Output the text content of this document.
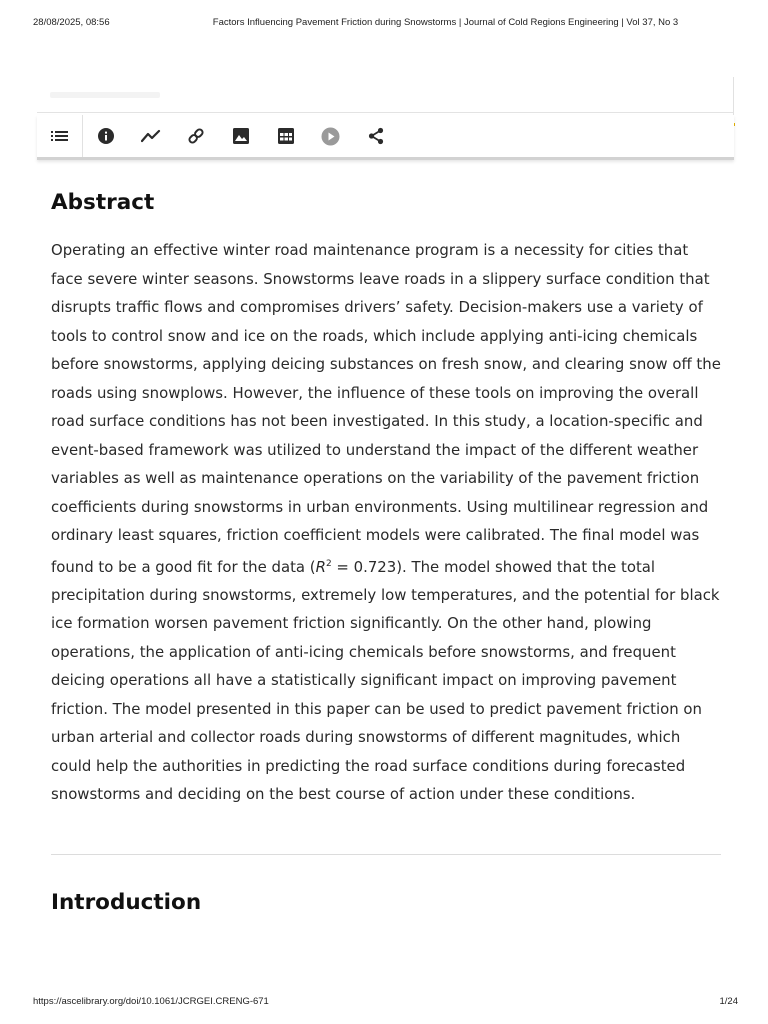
28/08/2025, 08:56	Factors Influencing Pavement Friction during Snowstorms | Journal of Cold Regions Engineering | Vol 37, No 3
Abstract

Operating an effective winter road maintenance program is a necessity for cities that face severe winter seasons. Snowstorms leave roads in a slippery surface condition that disrupts traffic flows and compromises drivers’ safety. Decision-makers use a variety of tools to control snow and ice on the roads, which include applying anti-icing chemicals before snowstorms, applying deicing substances on fresh snow, and clearing snow off the roads using snowplows. However, the influence of these tools on improving the overall road surface conditions has not been investigated. In this study, a location-specific and event-based framework was utilized to understand the impact of the different weather variables as well as maintenance operations on the variability of the pavement friction coefficients during snowstorms in urban environments. Using multilinear regression and ordinary least squares, friction coefficient models were calibrated. The final model was found to be a good fit for the data $(R^2 = 0.723)$. The model showed that the total precipitation during snowstorms, extremely low temperatures, and the potential for black ice formation worsen pavement friction significantly. On the other hand, plowing operations, the application of anti-icing chemicals before snowstorms, and frequent deicing operations all have a statistically significant impact on improving pavement friction. The model presented in this paper can be used to predict pavement friction on urban arterial and collector roads during snowstorms of different magnitudes, which could help the authorities in predicting the road surface conditions during forecasted snowstorms and deciding on the best course of action under these conditions.

Introduction
https://ascelibrary.org/doi/10.1061/JCRGEI.CRENG-671	1/24
